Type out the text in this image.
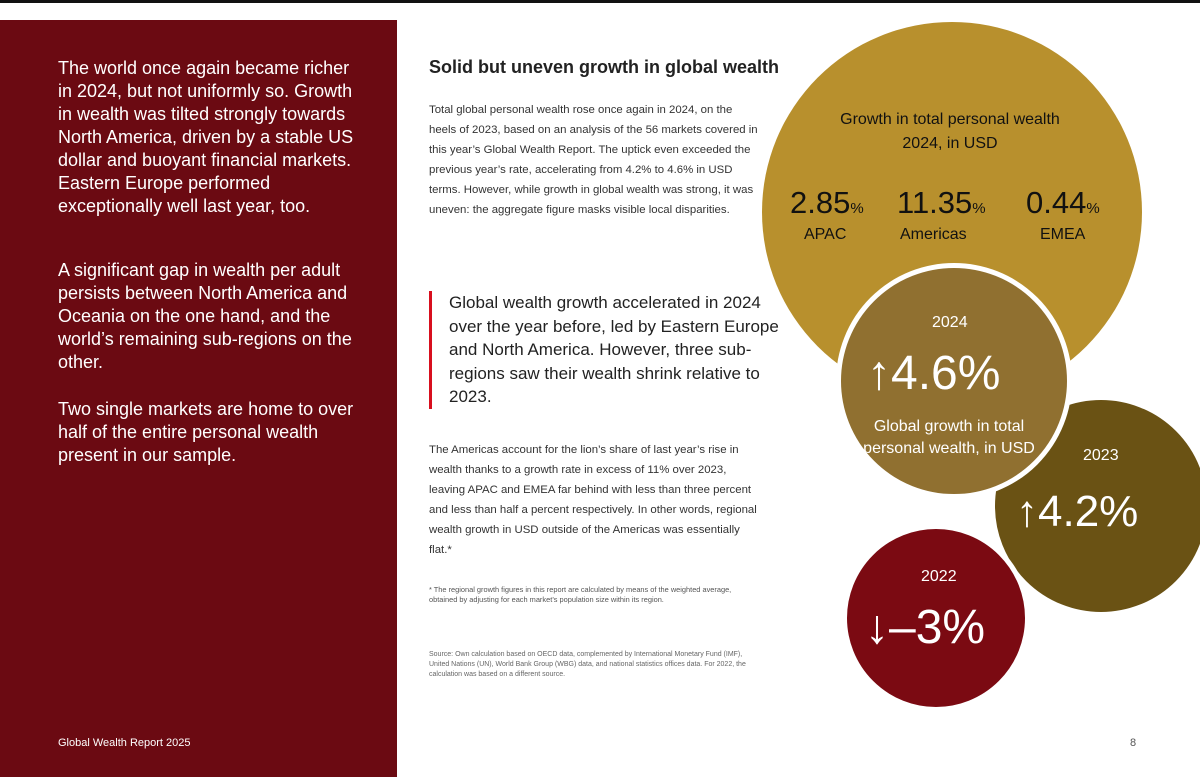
The world once again became richer in 2024, but not uniformly so. Growth in wealth was tilted strongly towards North America, driven by a stable US dollar and buoyant financial markets. Eastern Europe performed exceptionally well last year, too.

A significant gap in wealth per adult persists between North America and Oceania on the one hand, and the world’s remaining sub-regions on the other.

Two single markets are home to over half of the entire personal wealth present in our sample.

Global Wealth Report 2025
Solid but uneven growth in global wealth

Total global personal wealth rose once again in 2024, on the heels of 2023, based on an analysis of the 56 markets covered in this year’s Global Wealth Report. The uptick even exceeded the previous year’s rate, accelerating from 4.2% to 4.6% in USD terms. However, while growth in global wealth was strong, it was uneven: the aggregate figure masks visible local disparities.

Global wealth growth accelerated in 2024 over the year before, led by Eastern Europe and North America. However, three sub-regions saw their wealth shrink relative to 2023.

The Americas account for the lion’s share of last year’s rise in wealth thanks to a growth rate in excess of 11% over 2023, leaving APAC and EMEA far behind with less than three percent and less than half a percent respectively. In other words, regional wealth growth in USD outside of the Americas was essentially flat.*

* The regional growth figures in this report are calculated by means of the weighted average, obtained by adjusting for each market’s population size within its region.

Source: Own calculation based on OECD data, complemented by International Monetary Fund (IMF), United Nations (UN), World Bank Group (WBG) data, and national statistics offices data. For 2022, the calculation was based on a different source.

8
Growth in total personal wealth 2024, in USD
2.85%
APAC
11.35%
Americas
0.44%
EMEA
2023
↑4.2%
2022
↓–3%
2024
↑4.6%
Global growth in total personal wealth, in USD
